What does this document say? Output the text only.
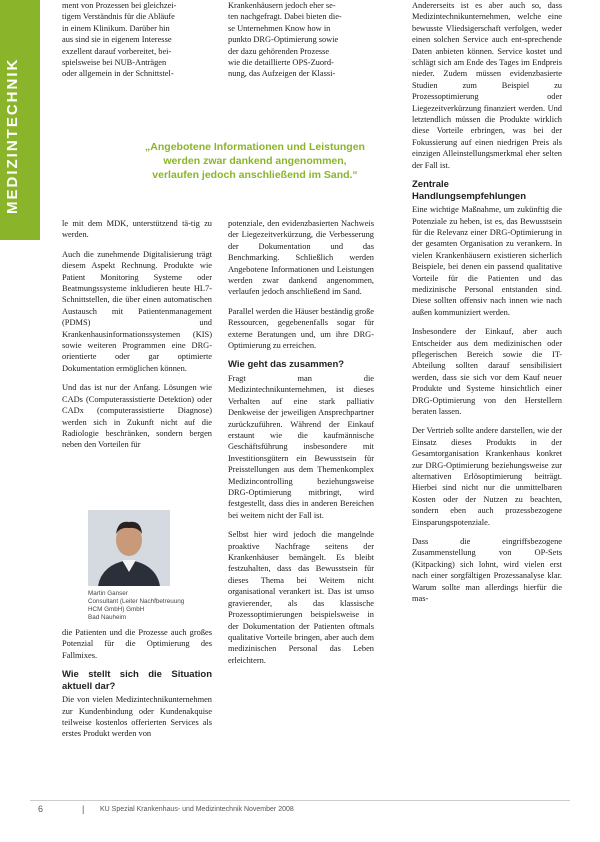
MEDIZINTECHNIK
ment von Prozessen bei gleichzei-
tigem Verständnis für die Abläufe
in einem Klinikum. Darüber hin
aus sind sie in eigenem Interesse
exzellent darauf vorbereitet, bei-
spielsweise bei NUB-Anträgen
oder allgemein in der Schnittstel-
Krankenhäusern jedoch eher se-
ten nachgefragt. Dabei bieten die-
se Unternehmen Know how in
punkto DRG-Optimierung sowie
der dazu gehörenden Prozesse
wie die detaillierte OPS-Zuord-
nung, das Aufzeigen der Klassi-
„Angebotene Informationen und Leistungen
werden zwar dankend angenommen,
verlaufen jedoch anschließend im Sand.“

le mit dem MDK, unterstützend tä-tig zu werden.

Auch die zunehmende Digitalisierung trägt diesem Aspekt Rechnung. Produkte wie Patient Monitoring Systeme oder Beatmungssysteme inkludieren heute HL7-Schnittstellen, die über einen automatischen Austausch mit Patientenmanagement (PDMS) und Krankenhausinformationssystemen (KIS) sowie weiteren Programmen eine DRG-orientierte oder gar optimierte Dokumentation ermöglichen können.

Und das ist nur der Anfang. Lösungen wie CADs (Computerassistierte Detektion) oder CADx (computerassistierte Diagnose) werden sich in Zukunft nicht auf die Radiologie beschränken, sondern bergen neben den Vorteilen für

die Patienten und die Prozesse auch großes Potenzial für die Optimierung des Fallmixes.

Wie stellt sich die Situation aktuell dar?

Die von vielen Medizintechnikunternehmen zur Kundenbindung oder Kundenakquise teilweise kostenlos offerierten Services als erstes Produkt werden von

Martin Ganser
Consultant (Leiter Nachfbetreuung
HCM GmbH) GmbH
Bad Nauheim

potenziale, den evidenzbasierten Nachweis der Liegezeitverkürzung, die Verbesserung der Dokumentation und das Benchmarking. Schließlich werden Angebotene Informationen und Leistungen werden zwar dankend angenommen, verlaufen jedoch anschließend im Sand.

Parallel werden die Häuser beständig große Ressourcen, gegebenenfalls sogar für externe Beratungen und, um ihre DRG-Optimierung zu erreichen.

Wie geht das zusammen?

Fragt man die Medizintechnikunternehmen, ist dieses Verhalten auf eine stark palliativ Denkweise der jeweiligen Ansprechpartner zurückzuführen. Während der Einkauf erstaunt wie die kaufmännische Geschäftsführung insbesondere mit Investitionsgütern ein Bewusstsein für Preisstellungen aus dem Themenkomplex Medizincontrolling beziehungsweise DRG-Optimierung mitbringt, wird festgestellt, dass dies in anderen Bereichen bei weitem nicht der Fall ist.

Selbst hier wird jedoch die mangelnde proaktive Nachfrage seitens der Krankenhäuser bemängelt. Es bleibt festzuhalten, dass das Bewusstsein für dieses Thema bei Weitem nicht organisational verankert ist. Das ist umso gravierender, als das klassische Prozessoptimierungen beispielsweise in der Dokumentation der Patienten oftmals qualitative Vorteile bringen, aber auch dem medizinischen Personal das Leben erleichtern.

Andererseits ist es aber auch so, dass Medizintechnikunternehmen, welche eine bewusste Vliedsigerschaft verfolgen, weder einen solchen Service auch ent-sprechende Daten anbieten können. Service kostet und schlägt sich am Ende des Tages im Endpreis nieder. Zudem müssen evidenzbasierte Studien zum Beispiel zu Prozessoptimierung oder Liegezeitverkürzung finanziert werden. Und letztendlich müssen die Produkte wirklich diese Vorteile erbringen, was bei der Fokussierung auf einen niedrigen Preis als einzigen Alleinstellungsmerkmal eher selten der Fall ist.

Zentrale Handlungsempfehlungen

Eine wichtige Maßnahme, um zukünftig die Potenziale zu heben, ist es, das Bewusstsein für die Relevanz einer DRG-Optimierung in der gesamten Organisation zu verankern. In vielen Krankenhäusern existieren sicherlich Beispiele, bei denen ein passend qualitative Vorteile für die Patienten und das medizinische Personal entstanden sind. Diese sollten offensiv nach innen wie nach außen kommuniziert werden.

Insbesondere der Einkauf, aber auch Entscheider aus dem medizinischen oder pflegerischen Bereich sowie die IT-Abteilung sollten darauf sensibilisiert werden, dass sie sich vor dem Kauf neuer Produkte und Systeme hinsichtlich einer DRG-Optimierung von den Herstellern beraten lassen.

Der Vertrieb sollte andere darstellen, wie der Einsatz dieses Produkts in der Gesamtorganisation Krankenhaus konkret zur DRG-Optimierung beziehungsweise zur alternativen Erlösoptimierung beiträgt. Hierbei sind nicht nur die unmittelbaren Kosten oder der Nutzen zu beachten, sondern eben auch prozessbezogene Einsparungspotenziale.

Dass die eingriffsbezogene Zusammenstellung von OP-Sets (Kitpacking) sich lohnt, wird vielen erst nach einer sorgfältigen Prozessanalyse klar. Warum sollte man allerdings hierfür die mas-

6	| KU Spezial Krankenhaus- und Medizintechnik November 2008
